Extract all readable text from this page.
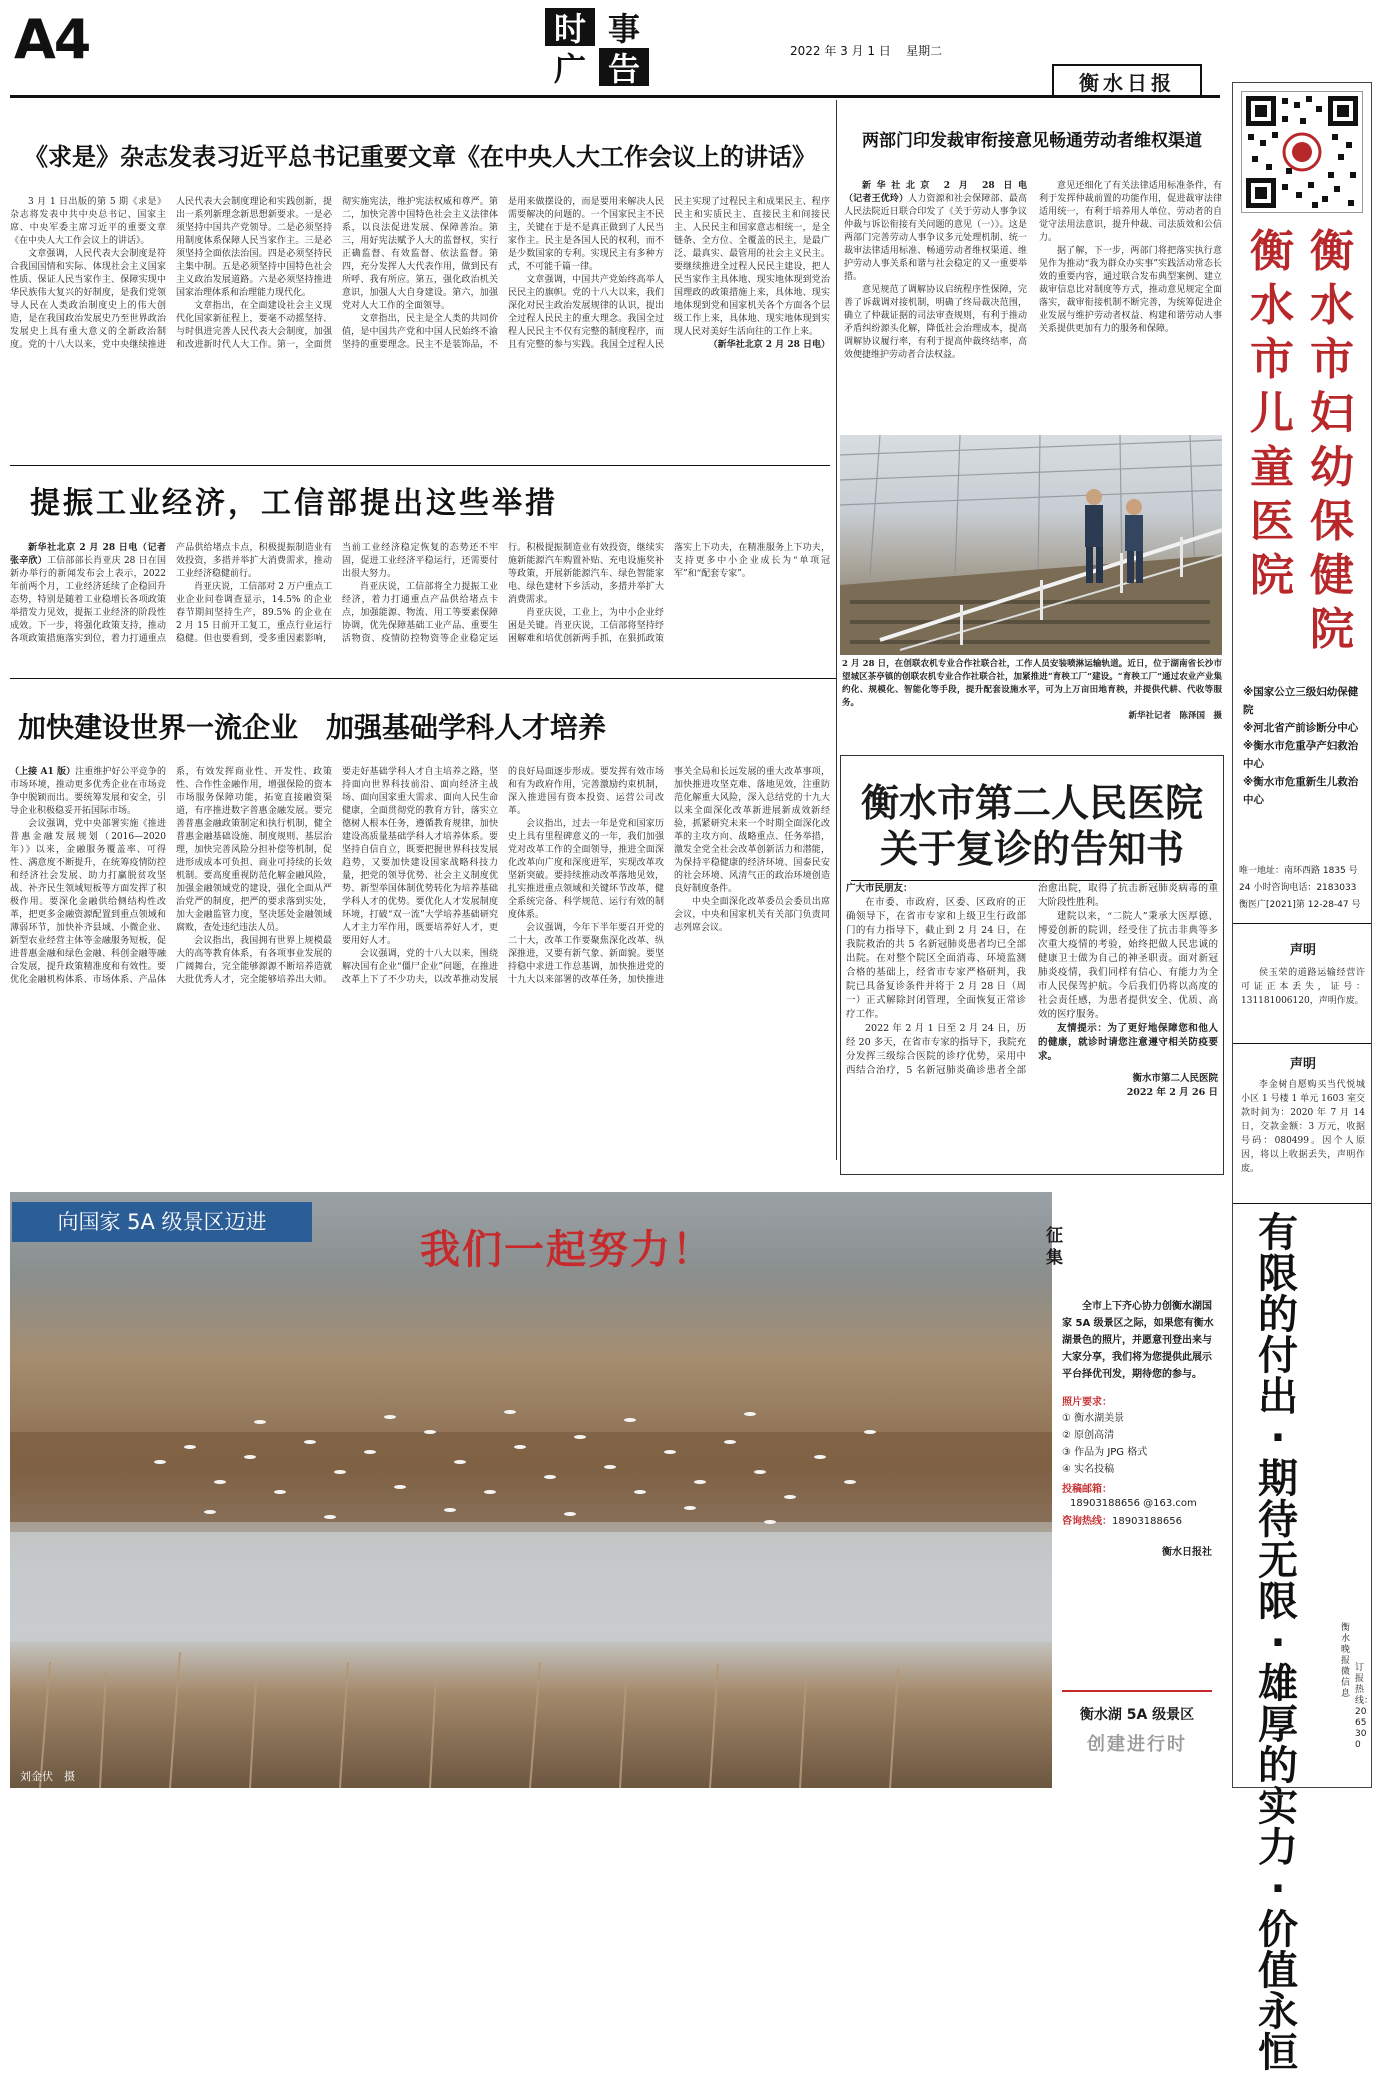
A4	时 事
广 告	2022 年 3 月 1 日 星期二
衡水日报
《求是》杂志发表习近平总书记重要文章《在中央人大工作会议上的讲话》

3 月 1 日出版的第 5 期《求是》杂志将发表中共中央总书记、国家主席、中央军委主席习近平的重要文章《在中央人大工作会议上的讲话》。

文章强调，人民代表大会制度是符合我国国情和实际、体现社会主义国家性质、保证人民当家作主、保障实现中华民族伟大复兴的好制度，是我们党领导人民在人类政治制度史上的伟大创造，是在我国政治发展史乃至世界政治发展史上具有重大意义的全新政治制度。党的十八大以来，党中央继续推进人民代表大会制度理论和实践创新，提出一系列新理念新思想新要求。一是必须坚持中国共产党领导。二是必须坚持用制度体系保障人民当家作主。三是必须坚持全面依法治国。四是必须坚持民主集中制。五是必须坚持中国特色社会主义政治发展道路。六是必须坚持推进国家治理体系和治理能力现代化。

文章指出，在全面建设社会主义现代化国家新征程上，要毫不动摇坚持、与时俱进完善人民代表大会制度，加强和改进新时代人大工作。第一，全面贯彻实施宪法，维护宪法权威和尊严。第二，加快完善中国特色社会主义法律体系，以良法促进发展、保障善治。第三，用好宪法赋予人大的监督权，实行正确监督、有效监督、依法监督。第四，充分发挥人大代表作用，做到民有所呼、我有所应。第五，强化政治机关意识，加强人大自身建设。第六，加强党对人大工作的全面领导。

文章指出，民主是全人类的共同价值，是中国共产党和中国人民始终不渝坚持的重要理念。民主不是装饰品，不是用来做摆设的，而是要用来解决人民需要解决的问题的。一个国家民主不民主，关键在于是不是真正做到了人民当家作主。民主是各国人民的权利，而不是少数国家的专利。实现民主有多种方式，不可能千篇一律。

文章强调，中国共产党始终高举人民民主的旗帜。党的十八大以来，我们深化对民主政治发展规律的认识，提出全过程人民民主的重大理念。我国全过程人民民主不仅有完整的制度程序，而且有完整的参与实践。我国全过程人民民主实现了过程民主和成果民主、程序民主和实质民主、直接民主和间接民主、人民民主和国家意志相统一，是全链条、全方位、全覆盖的民主，是最广泛、最真实、最管用的社会主义民主。要继续推进全过程人民民主建设，把人民当家作主具体地、现实地体现到党治国理政的政策措施上来，具体地、现实地体现到党和国家机关各个方面各个层级工作上来，具体地、现实地体现到实现人民对美好生活向往的工作上来。

（新华社北京 2 月 28 日电）

两部门印发裁审衔接意见畅通劳动者维权渠道

新华社北京 2 月 28 日电（记者王优玲）人力资源和社会保障部、最高人民法院近日联合印发了《关于劳动人事争议仲裁与诉讼衔接有关问题的意见（一）》。这是两部门完善劳动人事争议多元处理机制、统一裁审法律适用标准、畅通劳动者维权渠道、维护劳动人事关系和谐与社会稳定的又一重要举措。

意见规范了调解协议启统程序性保障，完善了诉裁调对接机制，明确了终局裁决范围，确立了仲裁证据的司法审查规则，有利于推动矛盾纠纷源头化解，降低社会治理成本，提高调解协议履行率，有利于提高仲裁终结率，高效便捷维护劳动者合法权益。

意见还细化了有关法律适用标准条件，有利于发挥仲裁前置的功能作用，促进裁审法律适用统一，有利于培养用人单位、劳动者的自觉守法用法意识，提升仲裁、司法质效和公信力。

据了解，下一步，两部门将把落实执行意见作为推动“我为群众办实事”实践活动常态长效的重要内容，通过联合发布典型案例、建立裁审信息比对制度等方式，推动意见规定全面落实，裁审衔接机制不断完善，为统筹促进企业发展与维护劳动者权益、构建和谐劳动人事关系提供更加有力的服务和保障。

提振工业经济，工信部提出这些举措

新华社北京 2 月 28 日电（记者张辛欣）工信部部长肖亚庆 28 日在国新办举行的新闻发布会上表示，2022 年前两个月，工业经济延续了企稳回升态势，特别是随着工业稳增长各项政策举措发力见效，提振工业经济的阶段性成效。下一步，将强化政策支持，推动各项政策措施落实到位，着力打通重点产品供给堵点卡点，积极提振制造业有效投资，多措并举扩大消费需求，推动工业经济稳健前行。

肖亚庆说，工信部对 2 万户重点工业企业问卷调查显示，14.5% 的企业春节期间坚持生产，89.5% 的企业在 2 月 15 日前开工复工，重点行业运行稳健。但也要看到，受多重因素影响，当前工业经济稳定恢复的态势还不牢固，促进工业经济平稳运行，还需要付出很大努力。

肖亚庆说，工信部将全力提振工业经济，着力打通重点产品供给堵点卡点，加强能源、物流、用工等要素保障协调，优先保障基础工业产品、重要生活物资、疫情防控物资等企业稳定运行。积极提振制造业有效投资，继续实施新能源汽车购置补贴、充电设施奖补等政策，开展新能源汽车、绿色智能家电、绿色建材下乡活动，多措并举扩大消费需求。

肖亚庆说，工业上，为中小企业纾困是关键。肖亚庆说，工信部将坚持纾困解难和培优创新两手抓，在狠抓政策落实上下功夫，在精准服务上下功夫，支持更多中小企业成长为“单项冠军”和“配套专家”。

2 月 28 日，在创联农机专业合作社联合社，工作人员安装喷淋运输轨道。近日，位于湖南省长沙市望城区茶亭镇的创联农机专业合作社联合社，加紧推进“育秧工厂”建设。“育秧工厂”通过农业产业集约化、规模化、智能化等手段，提升配套设施水平，可为上万亩田地育秧，并提供代耕、代收等服务。

新华社记者　陈泽国　摄

加快建设世界一流企业　加强基础学科人才培养

（上接 A1 版）注重维护好公平竞争的市场环境，推动更多优秀企业在市场竞争中脱颖而出。要统筹发展和安全，引导企业积极稳妥开拓国际市场。

会议强调，党中央部署实施《推进普惠金融发展规划（2016—2020 年）》以来，金融服务覆盖率、可得性、满意度不断提升，在统筹疫情防控和经济社会发展、助力打赢脱贫攻坚战、补齐民生领域短板等方面发挥了积极作用。要深化金融供给侧结构性改革，把更多金融资源配置到重点领域和薄弱环节，加快补齐县域、小微企业、新型农业经营主体等金融服务短板，促进普惠金融和绿色金融、科创金融等融合发展，提升政策精准度和有效性。要优化金融机构体系、市场体系、产品体系，有效发挥商业性、开发性、政策性、合作性金融作用，增强保险的资本市场服务保障功能，拓宽直接融资渠道，有序推进数字普惠金融发展。要完善普惠金融政策制定和执行机制，健全普惠金融基础设施、制度规则、基层治理，加快完善风险分担补偿等机制，促进形成成本可负担、商业可持续的长效机制。要高度重视防范化解金融风险，加强金融领域党的建设，强化全面从严治党严的制度，把严的要求落到实处，加大金融监管力度，坚决惩处金融领域腐败，查处违纪违法人员。

会议指出，我国拥有世界上规模最大的高等教育体系，有各项事业发展的广阔舞台，完全能够源源不断培养造就大批优秀人才，完全能够培养出大师。要走好基础学科人才自主培养之路，坚持面向世界科技前沿、面向经济主战场、面向国家重大需求、面向人民生命健康，全面贯彻党的教育方针，落实立德树人根本任务，遵循教育规律，加快建设高质量基础学科人才培养体系。要坚持自信自立，既要把握世界科技发展趋势，又要加快建设国家战略科技力量，把党的领导优势、社会主义制度优势、新型举国体制优势转化为培养基础学科人才的优势。要优化人才发展制度环境，打破“双一流”大学培养基础研究人才主力军作用，既要培养好人才，更要用好人才。

会议强调，党的十八大以来，围绕解决国有企业“僵尸企业”问题，在推进改革上下了不少功夫，以改革推动发展的良好局面逐步形成。要发挥有效市场和有为政府作用，完善激励约束机制，深入推进国有资本投资、运营公司改革。

会议指出，过去一年是党和国家历史上具有里程碑意义的一年，我们加强党对改革工作的全面领导，推进全面深化改革向广度和深度进军，实现改革攻坚新突破。要持续推动改革落地见效，扎实推进重点领域和关键环节改革，健全系统完备、科学规范、运行有效的制度体系。

会议强调，今年下半年要召开党的二十大，改革工作要聚焦深化改革、纵深推进，又要有新气象、新面貌。要坚持稳中求进工作总基调，加快推进党的十九大以来部署的改革任务，加快推进事关全局和长远发展的重大改革事项，加快推进攻坚克难、落地见效，注重防范化解重大风险，深入总结党的十九大以来全面深化改革新进展新成效新经验，抓紧研究未来一个时期全面深化改革的主攻方向、战略重点、任务举措，激发全党全社会改革创新活力和潜能，为保持平稳健康的经济环境、国泰民安的社会环境、风清气正的政治环境创造良好制度条件。

中央全面深化改革委员会委员出席会议，中央和国家机关有关部门负责同志列席会议。

衡水市第二人民医院
关于复诊的告知书

广大市民朋友：

在市委、市政府，区委、区政府的正确领导下，在省市专家和上级卫生行政部门的有力指导下，截止到 2 月 24 日，在我院救治的共 5 名新冠肺炎患者均已全部出院。在对整个院区全面消毒、环境监测合格的基础上，经省市专家严格研判，我院已具备复诊条件并将于 2 月 28 日（周一）正式解除封闭管理，全面恢复正常诊疗工作。

2022 年 2 月 1 日至 2 月 24 日，历经 20 多天，在省市专家的指导下，我院充分发挥三级综合医院的诊疗优势，采用中西结合治疗，5 名新冠肺炎确诊患者全部治愈出院，取得了抗击新冠肺炎病毒的重大阶段性胜利。

建院以来，“二院人”秉承大医厚德、博爱创新的院训，经受住了抗击非典等多次重大疫情的考验，始终把做人民忠诚的健康卫士做为自己的神圣职责。面对新冠肺炎疫情，我们同样有信心、有能力为全市人民保驾护航。今后我们仍将以高度的社会责任感，为患者提供安全、优质、高效的医疗服务。

友情提示：为了更好地保障您和他人的健康，就诊时请您注意遵守相关防疫要求。

衡水市第二人民医院

2022 年 2 月 26 日

向国家 5A 级景区迈进
我们一起努力！	征集

全市上下齐心协力创衡水湖国家 5A 级景区之际，如果您有衡水湖景色的照片，并愿意刊登出来与大家分享，我们将为您提供此展示平台择优刊发，期待您的参与。

照片要求：

① 衡水湖美景

② 原创高清

③ 作品为 JPG 格式

④ 实名投稿

投稿邮箱：

18903188656 @163.com

咨询热线：18903188656

衡水日报社

衡水湖 5A 级景区

创建进行时

刘金伏　摄
衡水市妇幼保健院
衡水市儿童医院

※国家公立三级妇幼保健院

※河北省产前诊断分中心

※衡水市危重孕产妇救治中心

※衡水市危重新生儿救治中心

唯一地址：南环西路 1835 号

24 小时咨询电话：2183033

衡医广[2021]第 12-28-47 号

声明

侯玉荣的道路运输经营许可证正本丢失，证号：131181006120，声明作废。

声明

李金树自愿购买当代悦城小区 1 号楼 1 单元 1603 室交款时间为：2020 年 7 月 14 日，交款金额：3 万元，收据号码：080499。因个人原因，将以上收据丢失，声明作废。

有限的付出·期待无限·雄厚的实力·价值永恒
衡水晚报微信息
订报热线：2065300
